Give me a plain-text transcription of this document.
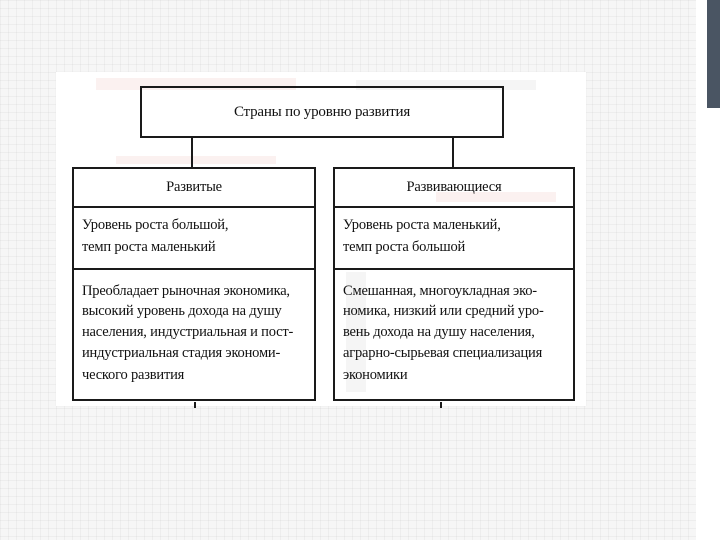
Страны по уровню развития
Развитые
Уровень роста большой,
темп роста маленький
Преобладает рыночная экономика,
высокий уровень дохода на душу
населения, индустриальная и пост-
индустриальная стадия экономи-
ческого развития
Развивающиеся
Уровень роста маленький,
темп роста большой
Смешанная, многоукладная эко-
номика, низкий или средний уро-
вень дохода на душу населения,
аграрно-сырьевая специализация
экономики
